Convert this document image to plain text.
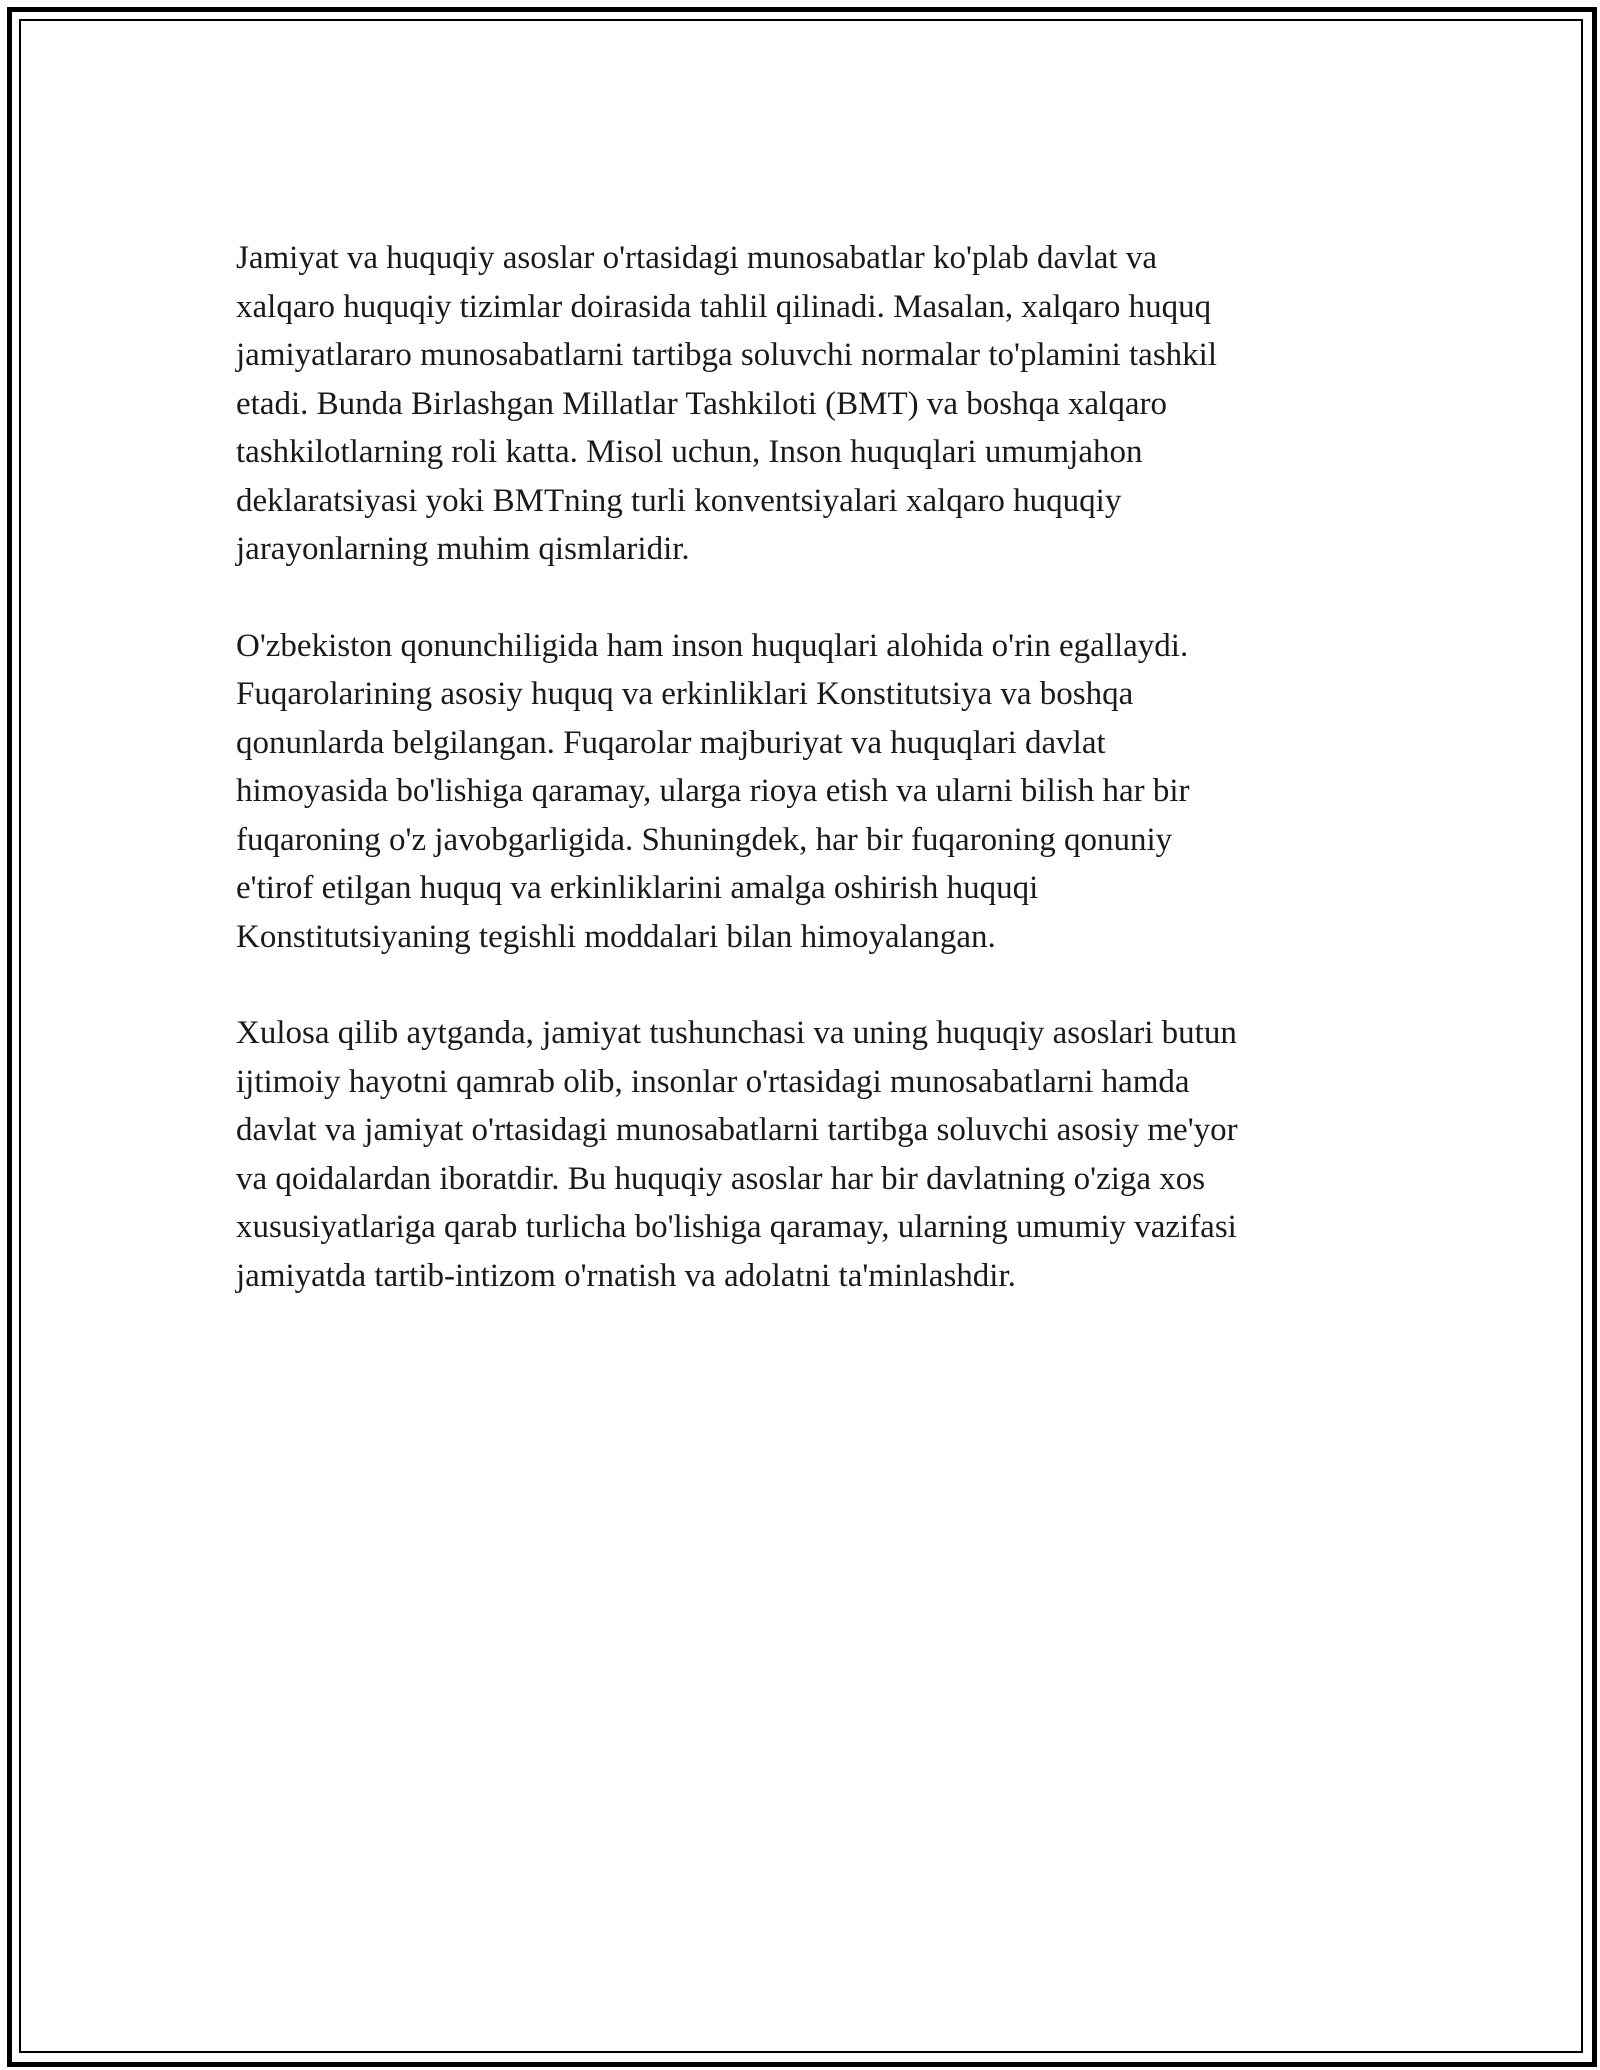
Jamiyat va huquqiy asoslar o'rtasidagi munosabatlar ko'plab davlat va
xalqaro huquqiy tizimlar doirasida tahlil qilinadi. Masalan, xalqaro huquq
jamiyatlararo munosabatlarni tartibga soluvchi normalar to'plamini tashkil
etadi. Bunda Birlashgan Millatlar Tashkiloti (BMT) va boshqa xalqaro
tashkilotlarning roli katta. Misol uchun, Inson huquqlari umumjahon
deklaratsiyasi yoki BMTning turli konventsiyalari xalqaro huquqiy
jarayonlarning muhim qismlaridir.

O'zbekiston qonunchiligida ham inson huquqlari alohida o'rin egallaydi.
Fuqarolarining asosiy huquq va erkinliklari Konstitutsiya va boshqa
qonunlarda belgilangan. Fuqarolar majburiyat va huquqlari davlat
himoyasida bo'lishiga qaramay, ularga rioya etish va ularni bilish har bir
fuqaroning o'z javobgarligida. Shuningdek, har bir fuqaroning qonuniy
e'tirof etilgan huquq va erkinliklarini amalga oshirish huquqi
Konstitutsiyaning tegishli moddalari bilan himoyalangan.

Xulosa qilib aytganda, jamiyat tushunchasi va uning huquqiy asoslari butun
ijtimoiy hayotni qamrab olib, insonlar o'rtasidagi munosabatlarni hamda
davlat va jamiyat o'rtasidagi munosabatlarni tartibga soluvchi asosiy me'yor
va qoidalardan iboratdir. Bu huquqiy asoslar har bir davlatning o'ziga xos
xususiyatlariga qarab turlicha bo'lishiga qaramay, ularning umumiy vazifasi
jamiyatda tartib-intizom o'rnatish va adolatni ta'minlashdir.
